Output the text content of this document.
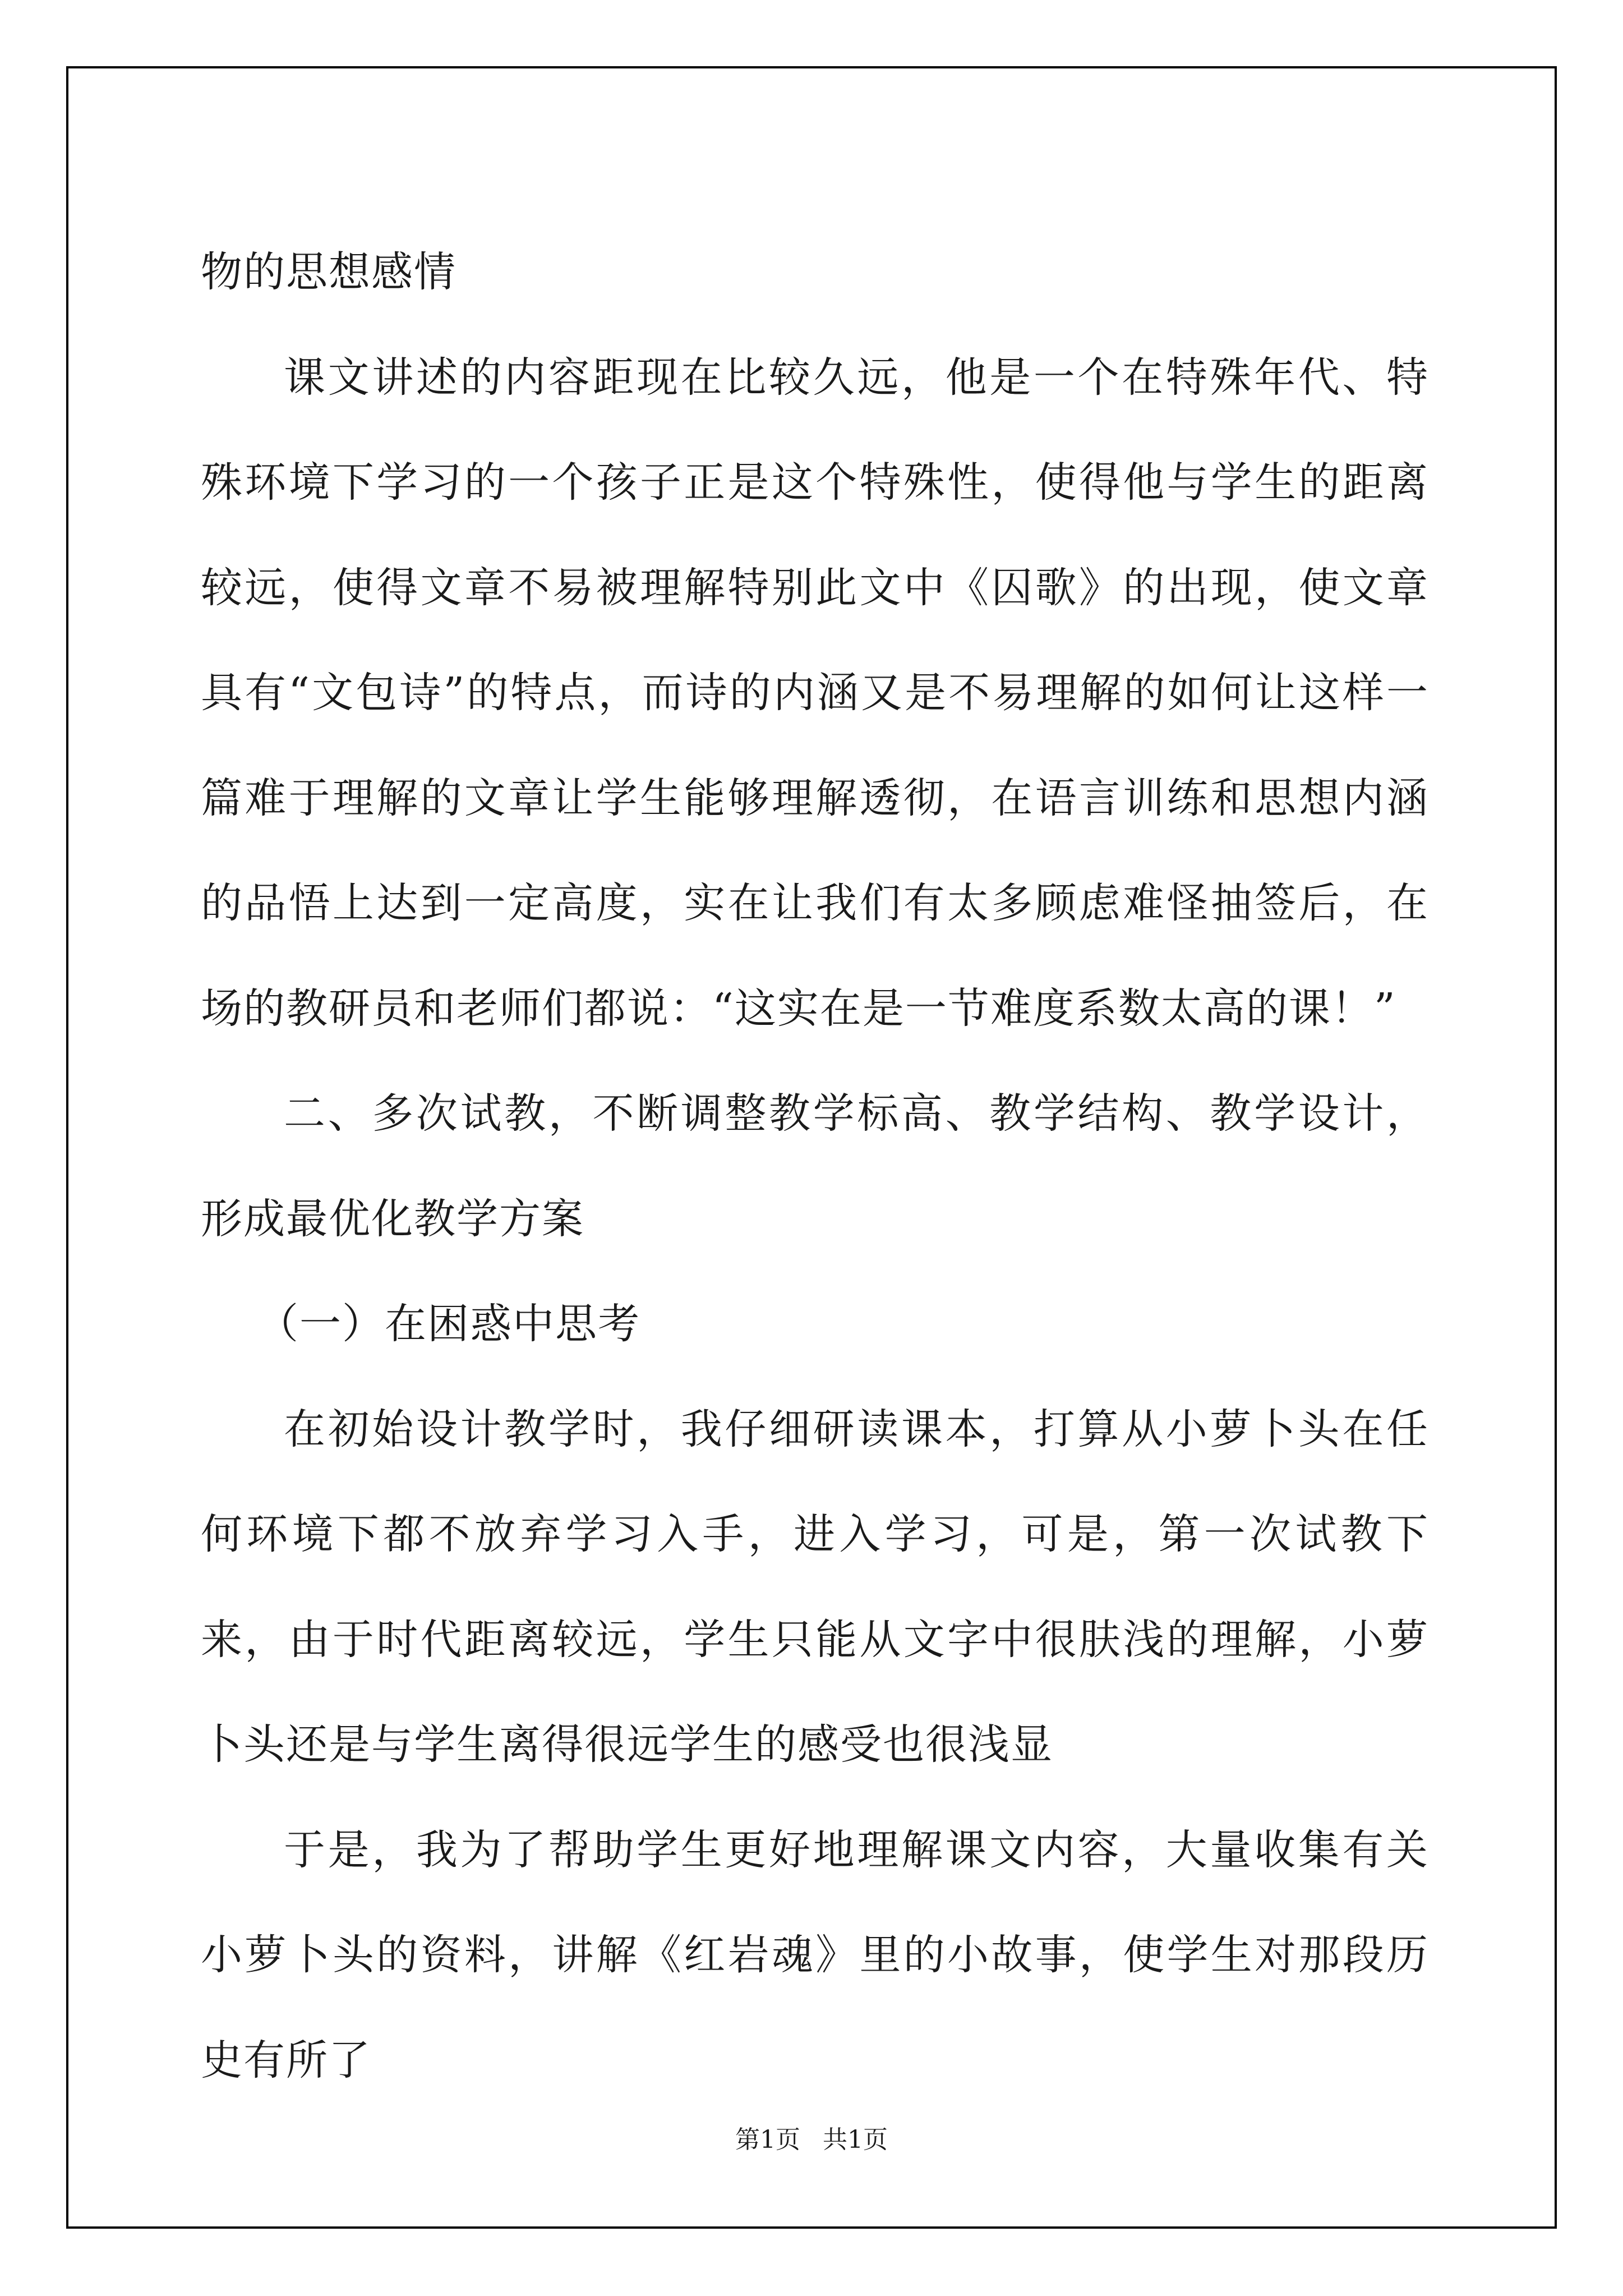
物的思想感情

课文讲述的内容距现在比较久远，他是一个在特殊年代、特殊环境下学习的一个孩子正是这个特殊性，使得他与学生的距离较远，使得文章不易被理解特别此文中《囚歌》的出现，使文章具有“文包诗”的特点，而诗的内涵又是不易理解的如何让这样一篇难于理解的文章让学生能够理解透彻，在语言训练和思想内涵的品悟上达到一定高度，实在让我们有太多顾虑难怪抽签后，在场的教研员和老师们都说：“这实在是一节难度系数太高的课！”

二、多次试教，不断调整教学标高、教学结构、教学设计，形成最优化教学方案

（一）在困惑中思考

在初始设计教学时，我仔细研读课本，打算从小萝卜头在任何环境下都不放弃学习入手，进入学习，可是，第一次试教下来，由于时代距离较远，学生只能从文字中很肤浅的理解，小萝卜头还是与学生离得很远学生的感受也很浅显

于是，我为了帮助学生更好地理解课文内容，大量收集有关小萝卜头的资料，讲解《红岩魂》里的小故事，使学生对那段历史有所了

第1页 共1页
